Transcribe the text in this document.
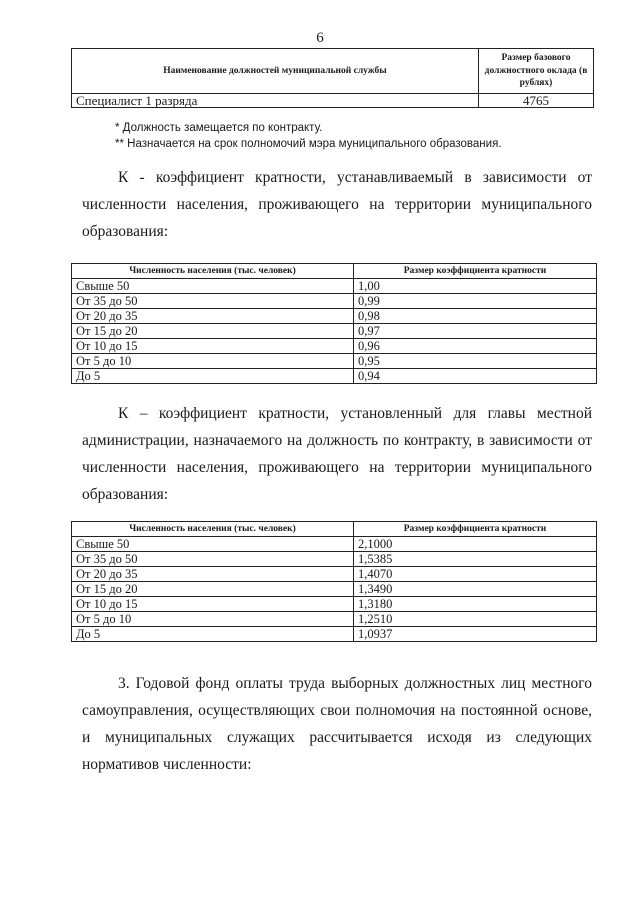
6
Наименование должностей муниципальной службы	Размер базового должностного оклада (в рублях)
Специалист 1 разряда	4765
* Должность замещается по контракту.
** Назначается на срок полномочий мэра муниципального образования.

К - коэффициент кратности, устанавливаемый в зависимости от численности населения, проживающего на территории муниципального образования:

Численность населения (тыс. человек)	Размер коэффициента кратности
Свыше 50	1,00
От 35 до 50	0,99
От 20 до 35	0,98
От 15 до 20	0,97
От 10 до 15	0,96
От 5 до 10	0,95
До 5	0,94

К – коэффициент кратности, установленный для главы местной администрации, назначаемого на должность по контракту, в зависимости от численности населения, проживающего на территории муниципального образования:

Численность населения (тыс. человек)	Размер коэффициента кратности
Свыше 50	2,1000
От 35 до 50	1,5385
От 20 до 35	1,4070
От 15 до 20	1,3490
От 10 до 15	1,3180
От 5 до 10	1,2510
До 5	1,0937

3. Годовой фонд оплаты труда выборных должностных лиц местного самоуправления, осуществляющих свои полномочия на постоянной основе, и муниципальных служащих рассчитывается исходя из следующих нормативов численности:
